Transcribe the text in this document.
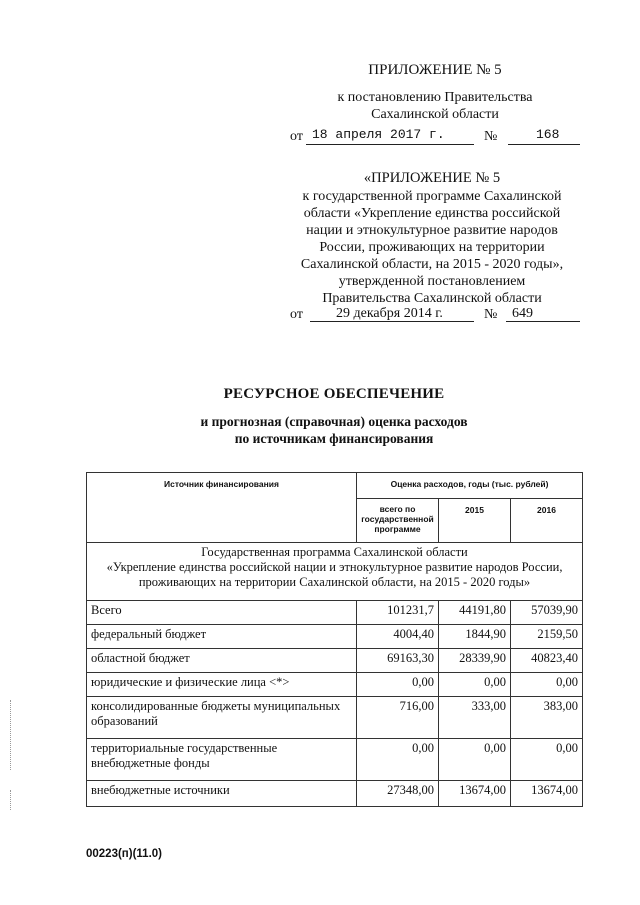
ПРИЛОЖЕНИЕ № 5
к постановлению Правительства
Сахалинской области
от 18 апреля 2017 г.	№	168
«ПРИЛОЖЕНИЕ № 5
к государственной программе Сахалинской
области «Укрепление единства российской
нации и этнокультурное развитие народов
России, проживающих на территории
Сахалинской области, на 2015 - 2020 годы»,
утвержденной постановлением
Правительства Сахалинской области
от 29 декабря 2014 г.	№ 649
РЕСУРСНОЕ ОБЕСПЕЧЕНИЕ
и прогнозная (справочная) оценка расходов
по источникам финансирования
Источник финансирования	Оценка расходов, годы (тыс. рублей)		
	всего по государственной программе	2015	2016

Государственная программа Сахалинской области
«Укрепление единства российской нации и этнокультурное развитие народов России,
проживающих на территории Сахалинской области, на 2015 - 2020 годы»			

Всего	101231,7	44191,80	57039,90
федеральный бюджет	4004,40	1844,90	2159,50
областной бюджет	69163,30	28339,90	40823,40
юридические и физические лица <*>	0,00	0,00	0,00
консолидированные бюджеты муниципальных образований	716,00	333,00	383,00
территориальные государственные внебюджетные фонды	0,00	0,00	0,00
внебюджетные источники	27348,00	13674,00	13674,00
00223(п)(11.0)
